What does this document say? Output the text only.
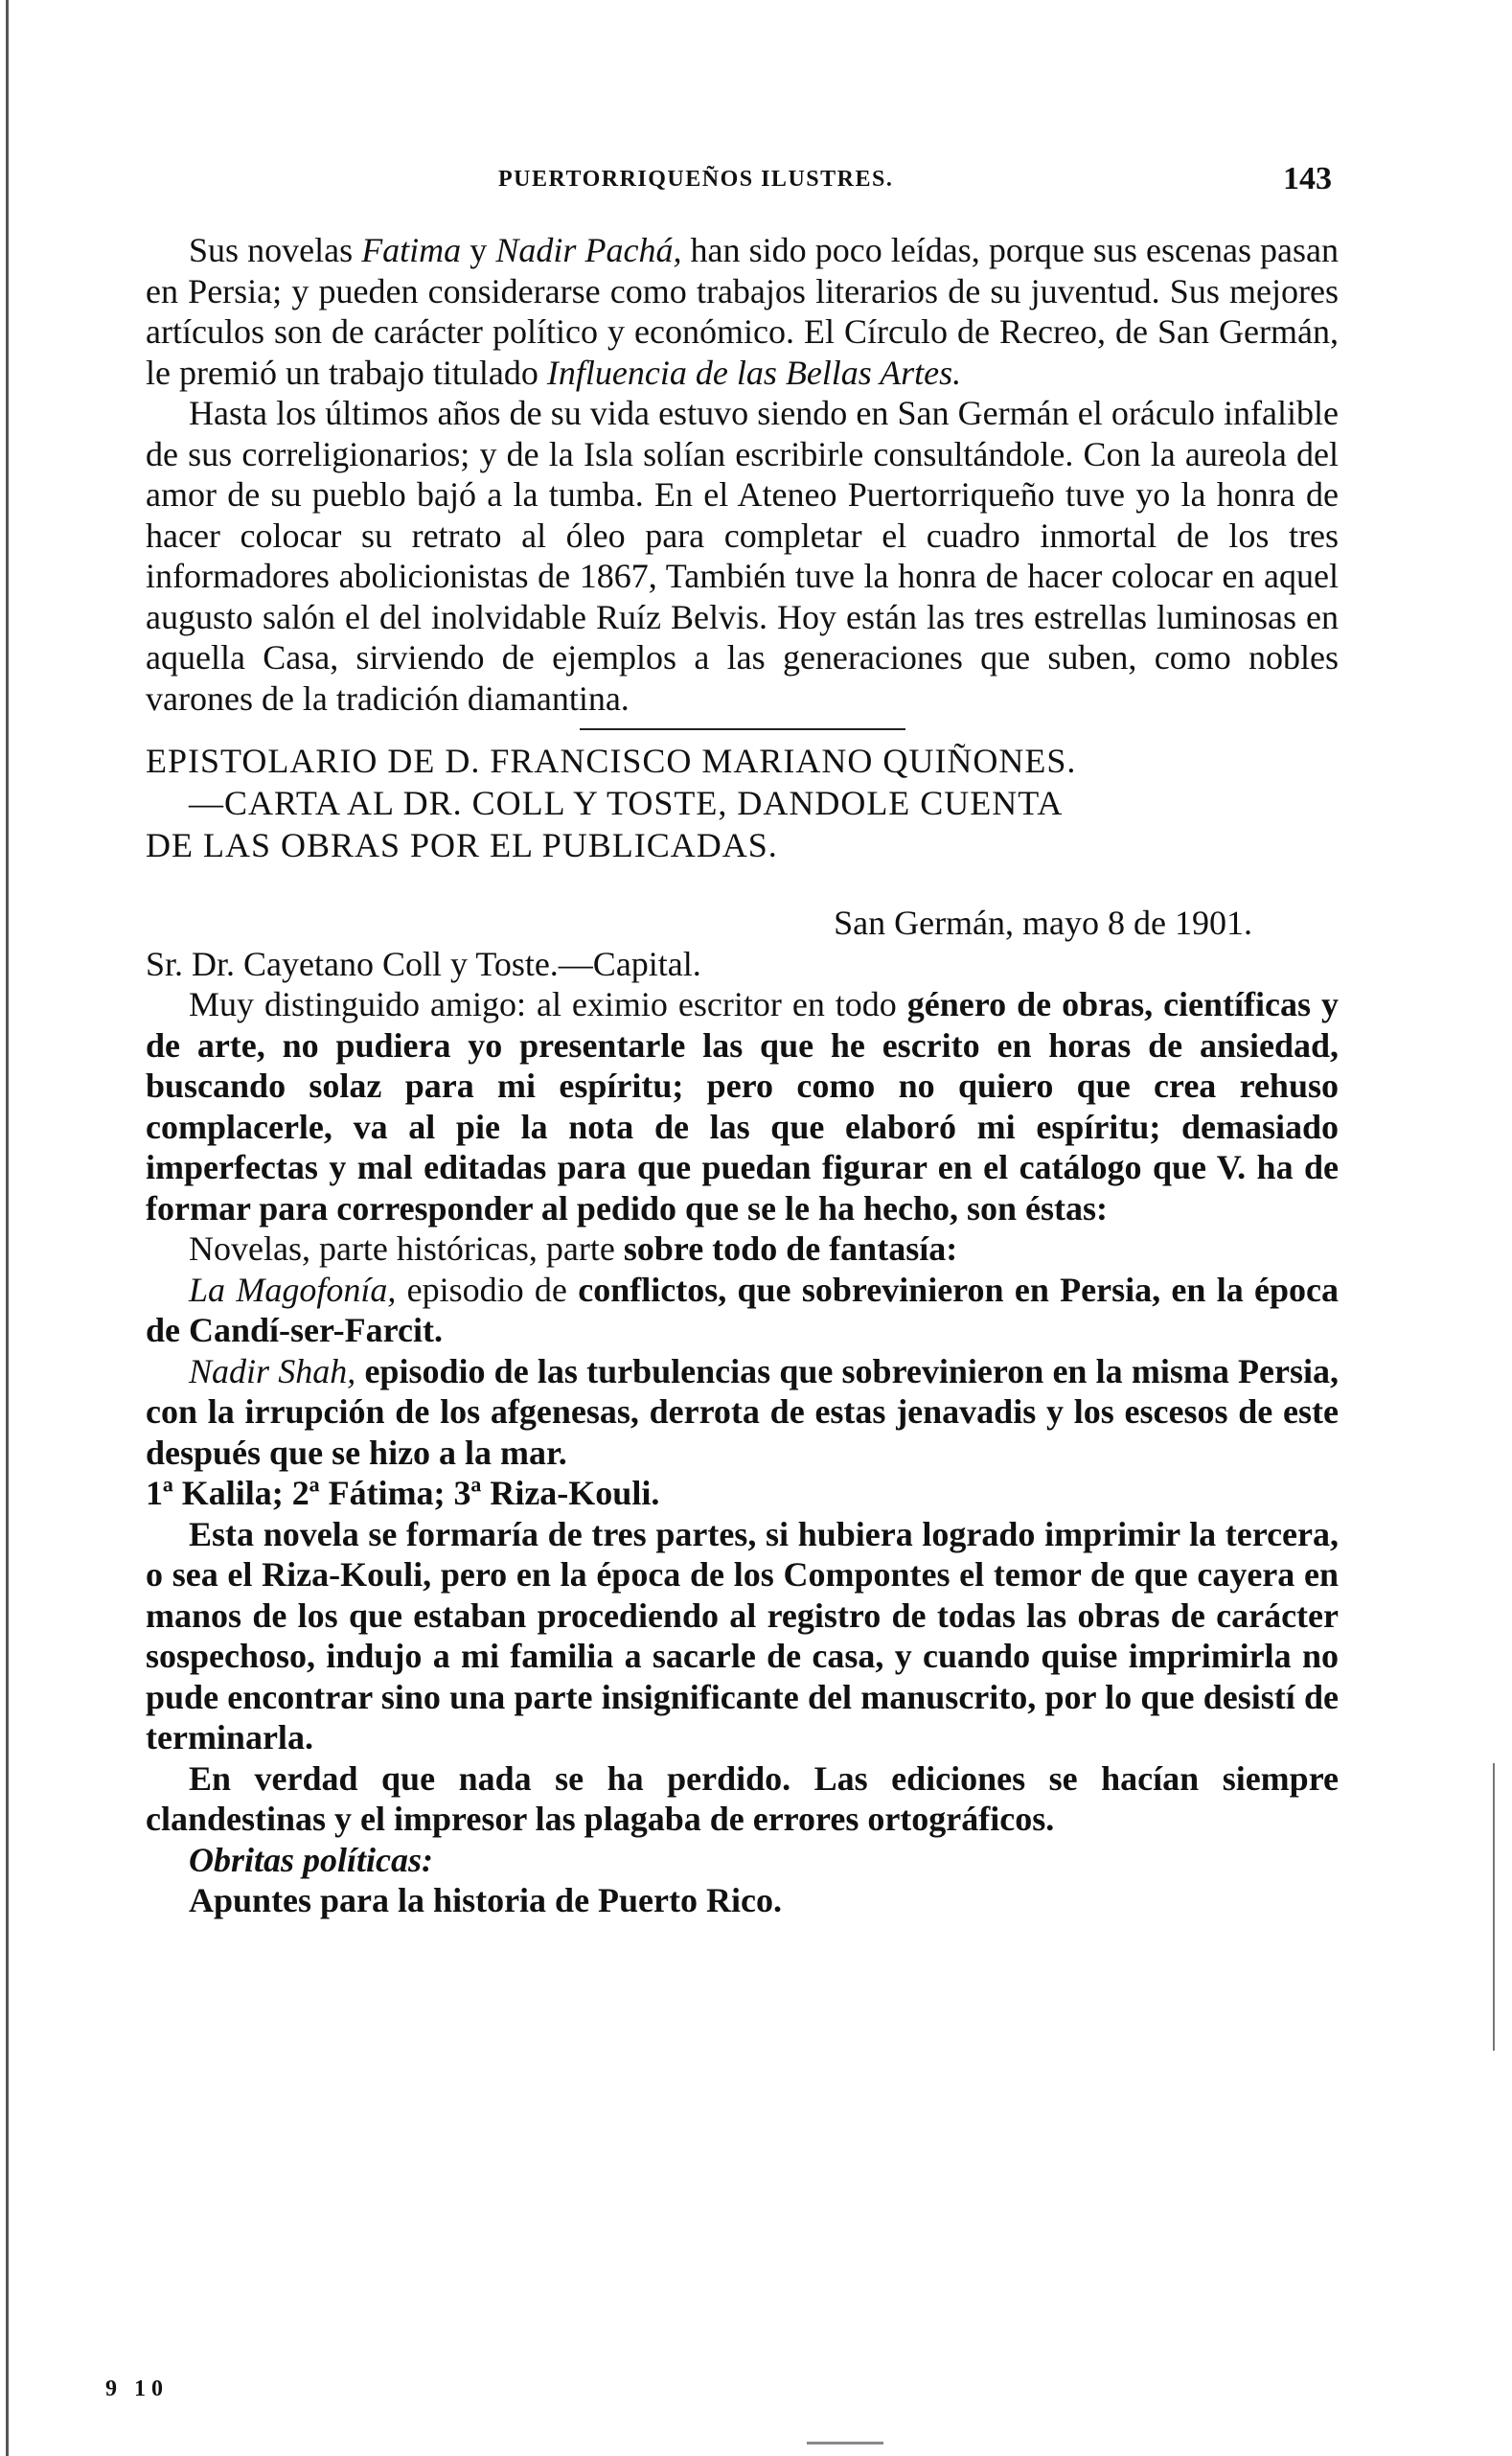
PUERTORRIQUEÑOS ILUSTRES.	143

Sus novelas Fatima y Nadir Pachá, han sido poco leídas, porque sus escenas pasan en Persia; y pueden considerarse como trabajos literarios de su juventud. Sus mejores artículos son de carácter político y económico. El Círculo de Recreo, de San Germán, le premió un trabajo titulado Influencia de las Bellas Artes.

Hasta los últimos años de su vida estuvo siendo en San Germán el oráculo infalible de sus correligionarios; y de la Isla solían escribirle consultándole. Con la aureola del amor de su pueblo bajó a la tumba. En el Ateneo Puertorriqueño tuve yo la honra de hacer colocar su retrato al óleo para completar el cuadro inmortal de los tres informadores abolicionistas de 1867, También tuve la honra de hacer colocar en aquel augusto salón el del inolvidable Ruíz Belvis. Hoy están las tres estrellas luminosas en aquella Casa, sirviendo de ejemplos a las generaciones que suben, como nobles varones de la tradición diamantina.

EPISTOLARIO DE D. FRANCISCO MARIANO QUIÑONES.
—CARTA AL DR. COLL Y TOSTE, DANDOLE CUENTA
DE LAS OBRAS POR EL PUBLICADAS.
San Germán, mayo 8 de 1901.

Sr. Dr. Cayetano Coll y Toste.—Capital.

Muy distinguido amigo: al eximio escritor en todo género de obras, científicas y de arte, no pudiera yo presentarle las que he escrito en horas de ansiedad, buscando solaz para mi espíritu; pero como no quiero que crea rehuso complacerle, va al pie la nota de las que elaboró mi espíritu; demasiado imperfectas y mal editadas para que puedan figurar en el catálogo que V. ha de formar para corresponder al pedido que se le ha hecho, son éstas:

Novelas, parte históricas, parte sobre todo de fantasía:

La Magofonía, episodio de conflictos, que sobrevinieron en Persia, en la época de Candí-ser-Farcit.

Nadir Shah, episodio de las turbulencias que sobrevinieron en la misma Persia, con la irrupción de los afgenesas, derrota de estas jenavadis y los escesos de este después que se hizo a la mar.

1ª Kalila; 2ª Fátima; 3ª Riza-Kouli.

Esta novela se formaría de tres partes, si hubiera logrado imprimir la tercera, o sea el Riza-Kouli, pero en la época de los Compontes el temor de que cayera en manos de los que estaban procediendo al registro de todas las obras de carácter sospechoso, indujo a mi familia a sacarle de casa, y cuando quise imprimirla no pude encontrar sino una parte insignificante del manuscrito, por lo que desistí de terminarla.

En verdad que nada se ha perdido. Las ediciones se hacían siempre clandestinas y el impresor las plagaba de errores ortográficos.

Obritas políticas:

Apuntes para la historia de Puerto Rico.

9 10
